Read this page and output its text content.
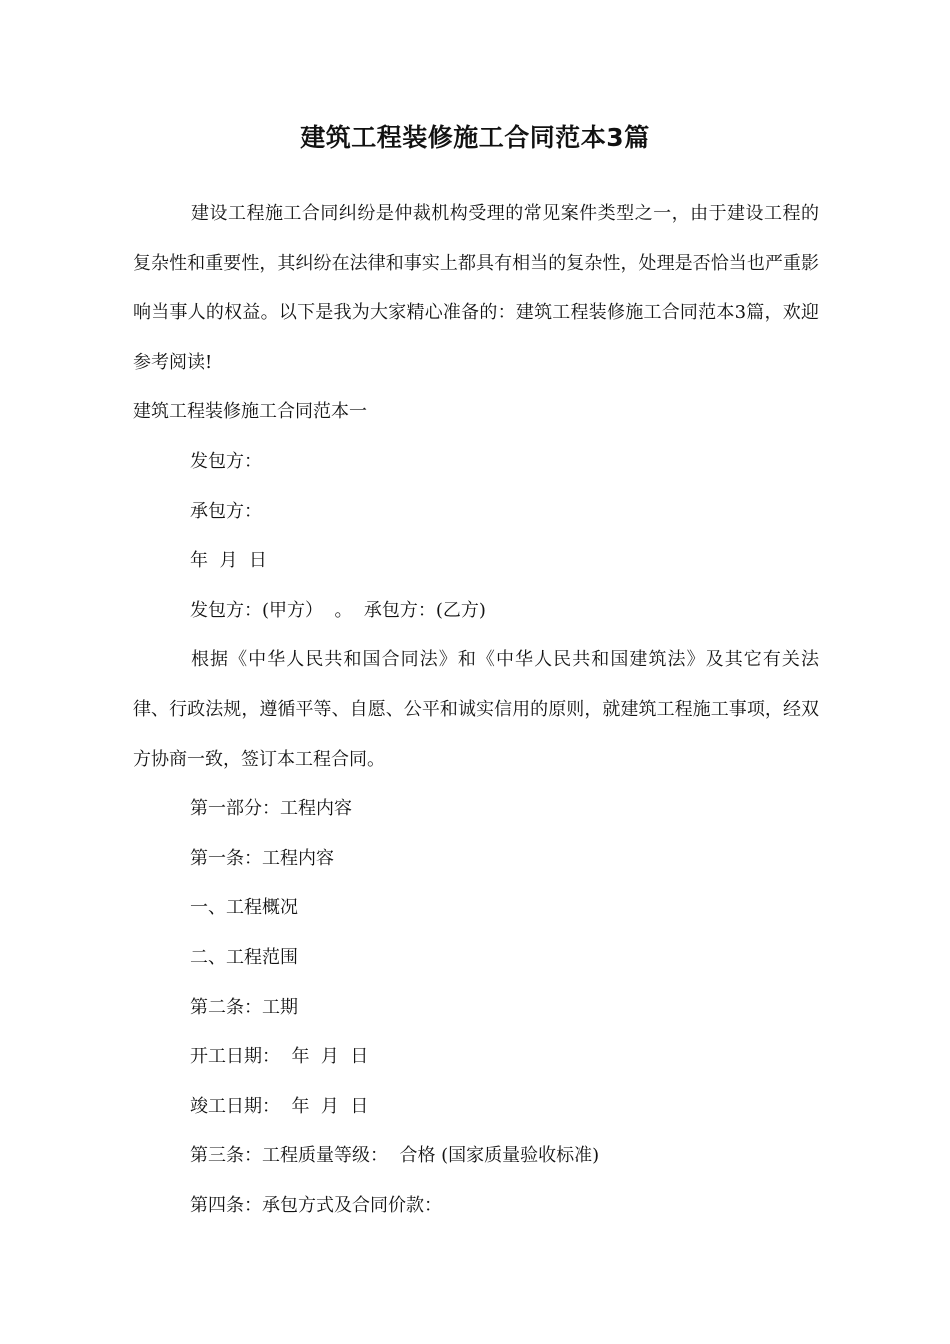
建筑工程装修施工合同范本3篇

建设工程施工合同纠纷是仲裁机构受理的常见案件类型之一，由于建设工程的复杂性和重要性，其纠纷在法律和事实上都具有相当的复杂性，处理是否恰当也严重影响当事人的权益。以下是我为大家精心准备的：建筑工程装修施工合同范本3篇，欢迎参考阅读!

建筑工程装修施工合同范本一

发包方：

承包方：

年  月  日

发包方：(甲方）  。  承包方：(乙方)

根据《中华人民共和国合同法》和《中华人民共和国建筑法》及其它有关法律、行政法规，遵循平等、自愿、公平和诚实信用的原则，就建筑工程施工事项，经双方协商一致，签订本工程合同。

第一部分：工程内容

第一条：工程内容

一、工程概况

二、工程范围

第二条：工期

开工日期：  年  月  日

竣工日期：  年  月  日

第三条：工程质量等级：  合格 (国家质量验收标准)

第四条：承包方式及合同价款：
